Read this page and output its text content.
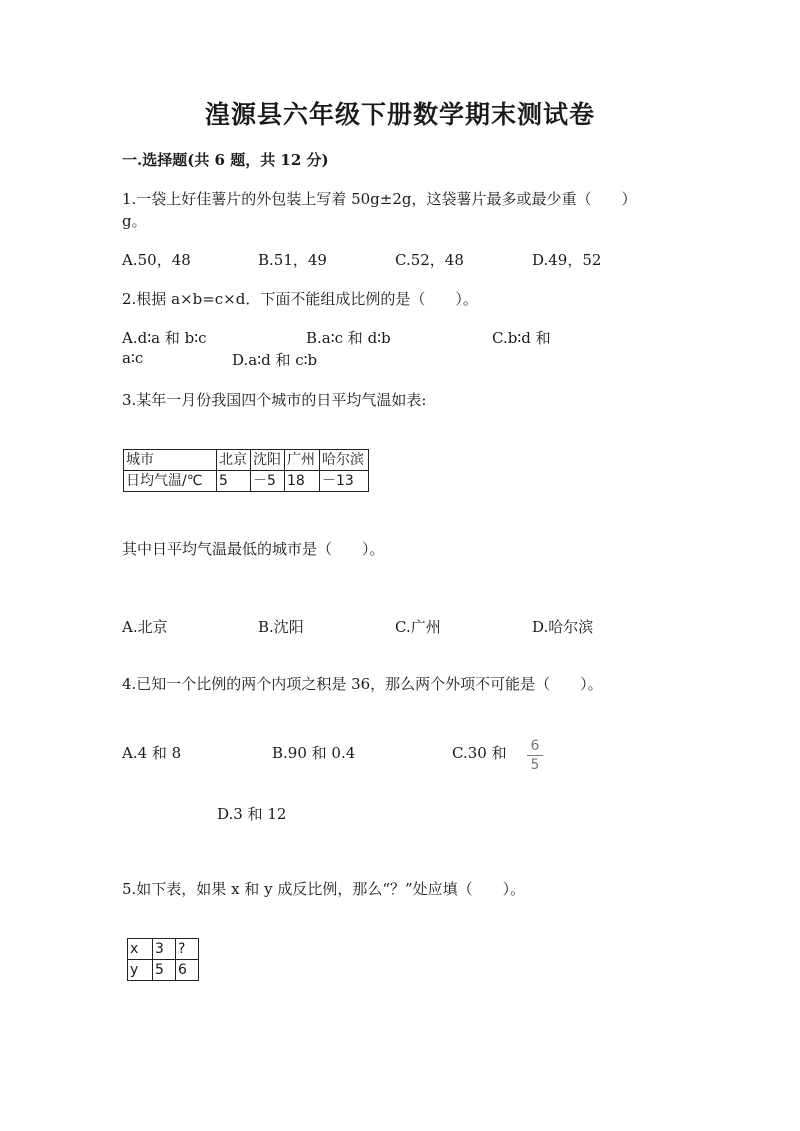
湟源县六年级下册数学期末测试卷
一.选择题(共 6 题，共 12 分)
1.一袋上好佳薯片的外包装上写着 50g±2g，这袋薯片最多或最少重（　　）
g。
A.50，48	B.51，49	C.52，48	D.49，52
2.根据 a×b=c×d．下面不能组成比例的是（　　）。
A.d∶a 和 b∶c	B.a∶c 和 d∶b	C.b∶d 和
a∶c	D.a∶d 和 c∶b
3.某年一月份我国四个城市的日平均气温如表:
城市	北京	沈阳	广州	哈尔滨
日均气温/℃	5	－5	18	－13
其中日平均气温最低的城市是（　　）。
A.北京	B.沈阳	C.广州	D.哈尔滨
4.已知一个比例的两个内项之积是 36，那么两个外项不可能是（　　）。
A.4 和 8	B.90 和 0.4	C.30 和 6
5
D.3 和 12
5.如下表，如果 x 和 y 成反比例，那么“？”处应填（　　）。
x	3	?
y	5	6
